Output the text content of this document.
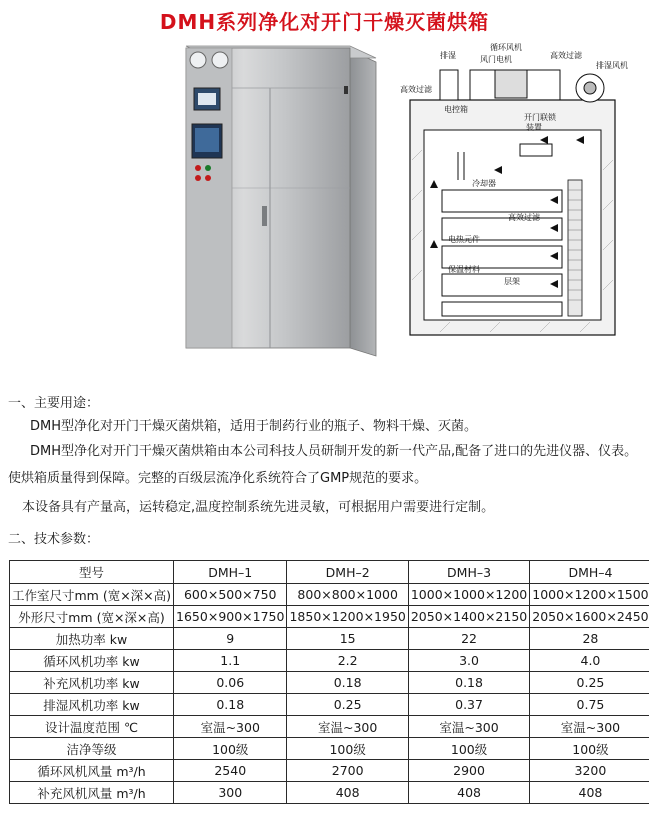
DMH系列净化对开门干燥灭菌烘箱
排湿
循环风机
风门电机	高效过滤
排湿风机
高效过滤
电控箱
开门联锁
装置
冷却器
高效过滤
电热元件
保温材料
层架
一、主要用途：
DMH型净化对开门干燥灭菌烘箱，适用于制药行业的瓶子、物料干燥、灭菌。
DMH型净化对开门干燥灭菌烘箱由本公司科技人员研制开发的新一代产品,配备了进口的先进仪器、仪表。
使烘箱质量得到保障。完整的百级层流净化系统符合了GMP规范的要求。
本设备具有产量高，运转稳定,温度控制系统先进灵敏，可根据用户需要进行定制。
二、技术参数：
型号	DMH–1	DMH–2	DMH–3	DMH–4
工作室尺寸mm (宽×深×高)	600×500×750	800×800×1000	1000×1000×1200	1000×1200×1500
外形尺寸mm (宽×深×高)	1650×900×1750	1850×1200×1950	2050×1400×2150	2050×1600×2450
加热功率 kw	9	15	22	28
循环风机功率 kw	1.1	2.2	3.0	4.0
补充风机功率 kw	0.06	0.18	0.18	0.25
排湿风机功率 kw	0.18	0.25	0.37	0.75
设计温度范围 ℃	室温~300	室温~300	室温~300	室温~300
洁净等级	100级	100级	100级	100级
循环风机风量 m³/h	2540	2700	2900	3200
补充风机风量 m³/h	300	408	408	408
